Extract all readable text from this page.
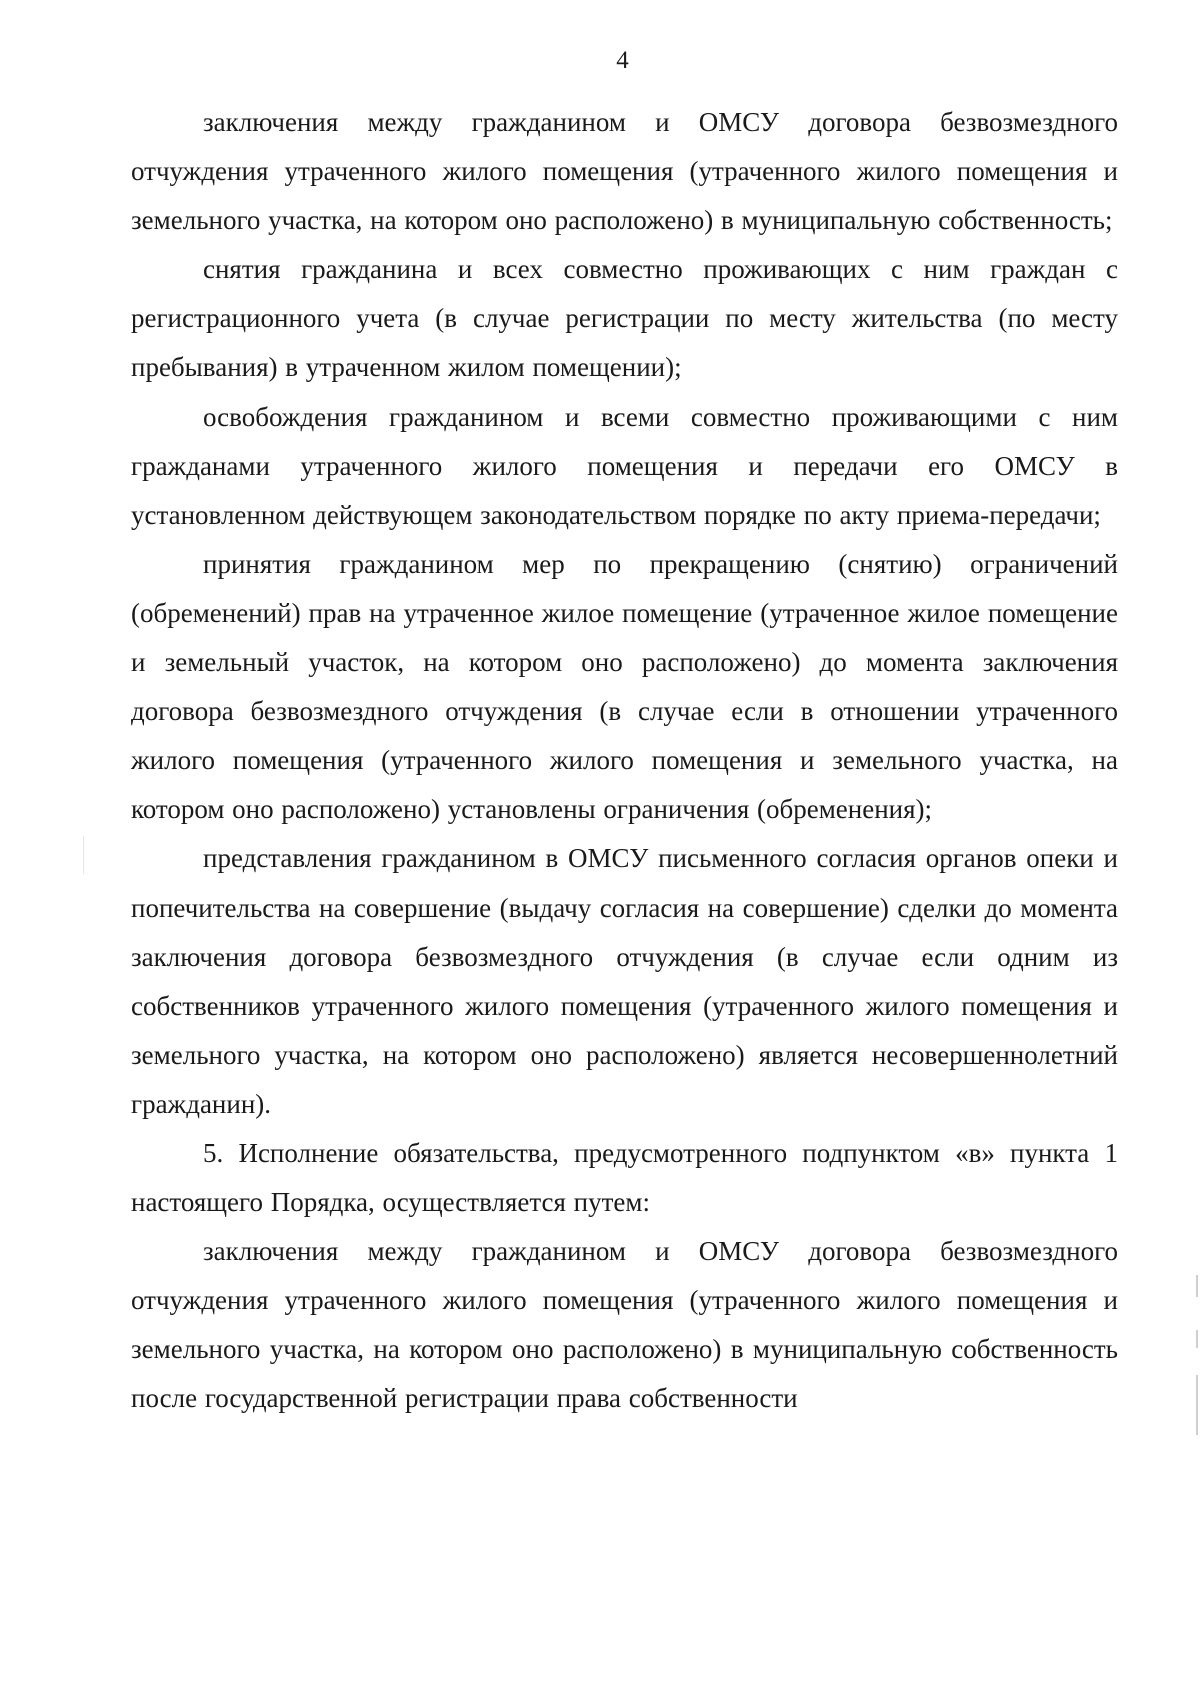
4

заключения между гражданином и ОМСУ договора безвозмездного отчуждения утраченного жилого помещения (утраченного жилого помещения и земельного участка, на котором оно расположено) в муниципальную собственность;

снятия гражданина и всех совместно проживающих с ним граждан с регистрационного учета (в случае регистрации по месту жительства (по месту пребывания) в утраченном жилом помещении);

освобождения гражданином и всеми совместно проживающими с ним гражданами утраченного жилого помещения и передачи его ОМСУ в установленном действующем законодательством порядке по акту приема-передачи;

принятия гражданином мер по прекращению (снятию) ограничений (обременений) прав на утраченное жилое помещение (утраченное жилое помещение и земельный участок, на котором оно расположено) до момента заключения договора безвозмездного отчуждения (в случае если в отношении утраченного жилого помещения (утраченного жилого помещения и земельного участка, на котором оно расположено) установлены ограничения (обременения);

представления гражданином в ОМСУ письменного согласия органов опеки и попечительства на совершение (выдачу согласия на совершение) сделки до момента заключения договора безвозмездного отчуждения (в случае если одним из собственников утраченного жилого помещения (утраченного жилого помещения и земельного участка, на котором оно расположено) является несовершеннолетний гражданин).

5. Исполнение обязательства, предусмотренного подпунктом «в» пункта 1 настоящего Порядка, осуществляется путем:

заключения между гражданином и ОМСУ договора безвозмездного отчуждения утраченного жилого помещения (утраченного жилого помещения и земельного участка, на котором оно расположено) в муниципальную собственность после государственной регистрации права собственности
